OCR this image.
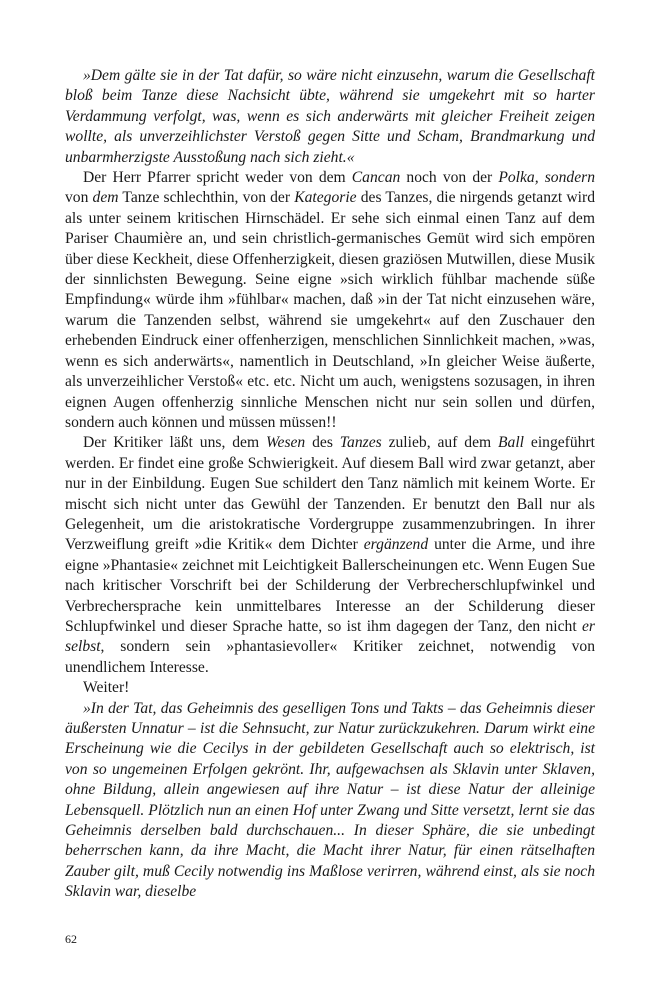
»Dem gälte sie in der Tat dafür, so wäre nicht einzusehn, warum die Gesellschaft bloß beim Tanze diese Nachsicht übte, während sie umgekehrt mit so harter Verdammung verfolgt, was, wenn es sich anderwärts mit gleicher Freiheit zeigen wollte, als unverzeihlichster Verstoß gegen Sitte und Scham, Brandmarkung und unbarmherzigste Ausstoßung nach sich zieht.«

Der Herr Pfarrer spricht weder von dem Cancan noch von der Polka, sondern von dem Tanze schlechthin, von der Kategorie des Tanzes, die nirgends getanzt wird als unter seinem kritischen Hirnschädel. Er sehe sich einmal einen Tanz auf dem Pariser Chaumière an, und sein christlich-germanisches Gemüt wird sich empören über diese Keckheit, diese Offenherzigkeit, diesen graziösen Mutwillen, diese Musik der sinnlichsten Bewegung. Seine eigne »sich wirklich fühlbar machende süße Empfindung« würde ihm »fühlbar« machen, daß »in der Tat nicht einzusehen wäre, warum die Tanzenden selbst, während sie umgekehrt« auf den Zuschauer den erhebenden Eindruck einer offenherzigen, menschlichen Sinnlichkeit machen, »was, wenn es sich anderwärts«, namentlich in Deutschland, »In gleicher Weise äußerte, als unverzeihlicher Verstoß« etc. etc. Nicht um auch, wenigstens sozusagen, in ihren eignen Augen offenherzig sinnliche Menschen nicht nur sein sollen und dürfen, sondern auch können und müssen müssen!!

Der Kritiker läßt uns, dem Wesen des Tanzes zulieb, auf dem Ball eingeführt werden. Er findet eine große Schwierigkeit. Auf diesem Ball wird zwar getanzt, aber nur in der Einbildung. Eugen Sue schildert den Tanz nämlich mit keinem Worte. Er mischt sich nicht unter das Gewühl der Tanzenden. Er benutzt den Ball nur als Gelegenheit, um die aristokratische Vordergruppe zusammenzubringen. In ihrer Verzweiflung greift »die Kritik« dem Dichter ergänzend unter die Arme, und ihre eigne »Phantasie« zeichnet mit Leichtigkeit Ballerscheinungen etc. Wenn Eugen Sue nach kritischer Vorschrift bei der Schilderung der Verbrecherschlupfwinkel und Verbrechersprache kein unmittelbares Interesse an der Schilderung dieser Schlupfwinkel und dieser Sprache hatte, so ist ihm dagegen der Tanz, den nicht er selbst, sondern sein »phantasievoller« Kritiker zeichnet, notwendig von unendlichem Interesse.

Weiter!

»In der Tat, das Geheimnis des geselligen Tons und Takts – das Geheimnis dieser äußersten Unnatur – ist die Sehnsucht, zur Natur zurückzukehren. Darum wirkt eine Erscheinung wie die Cecilys in der gebildeten Gesellschaft auch so elektrisch, ist von so ungemeinen Erfolgen gekrönt. Ihr, aufgewachsen als Sklavin unter Sklaven, ohne Bildung, allein angewiesen auf ihre Natur – ist diese Natur der alleinige Lebensquell. Plötzlich nun an einen Hof unter Zwang und Sitte versetzt, lernt sie das Geheimnis derselben bald durchschauen... In dieser Sphäre, die sie unbedingt beherrschen kann, da ihre Macht, die Macht ihrer Natur, für einen rätselhaften Zauber gilt, muß Cecily notwendig ins Maßlose verirren, während einst, als sie noch Sklavin war, dieselbe

62
